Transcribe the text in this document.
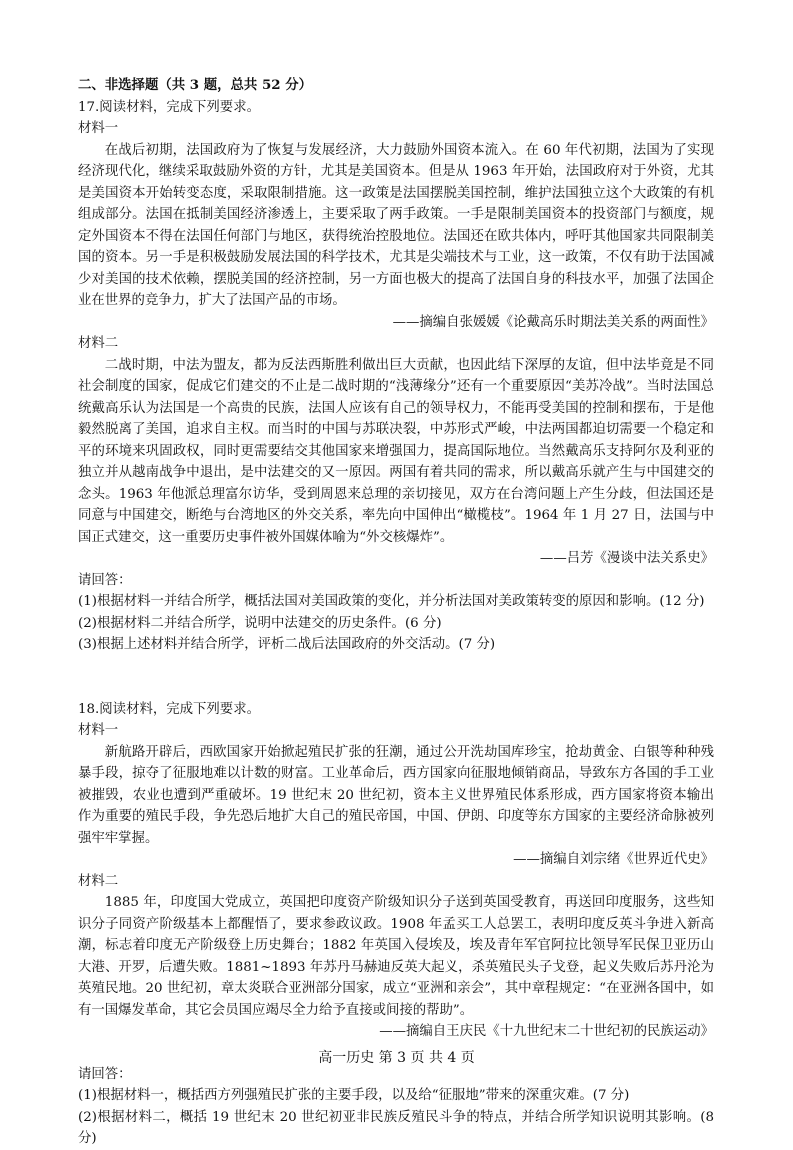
二、非选择题（共 3 题，总共 52 分）

17.阅读材料，完成下列要求。

材料一

在战后初期，法国政府为了恢复与发展经济，大力鼓励外国资本流入。在 60 年代初期，法国为了实现经济现代化，继续采取鼓励外资的方针，尤其是美国资本。但是从 1963 年开始，法国政府对于外资，尤其是美国资本开始转变态度，采取限制措施。这一政策是法国摆脱美国控制，维护法国独立这个大政策的有机组成部分。法国在抵制美国经济渗透上，主要采取了两手政策。一手是限制美国资本的投资部门与额度，规定外国资本不得在法国任何部门与地区，获得统治控股地位。法国还在欧共体内，呼吁其他国家共同限制美国的资本。另一手是积极鼓励发展法国的科学技术，尤其是尖端技术与工业，这一政策，不仅有助于法国减少对美国的技术依赖，摆脱美国的经济控制，另一方面也极大的提高了法国自身的科技水平，加强了法国企业在世界的竞争力，扩大了法国产品的市场。

——摘编自张媛媛《论戴高乐时期法美关系的两面性》

材料二

二战时期，中法为盟友，都为反法西斯胜利做出巨大贡献，也因此结下深厚的友谊，但中法毕竟是不同社会制度的国家，促成它们建交的不止是二战时期的“浅薄缘分”还有一个重要原因“美苏冷战”。当时法国总统戴高乐认为法国是一个高贵的民族，法国人应该有自己的领导权力，不能再受美国的控制和摆布，于是他毅然脱离了美国，追求自主权。而当时的中国与苏联决裂，中苏形式严峻，中法两国都迫切需要一个稳定和平的环境来巩固政权，同时更需要结交其他国家来增强国力，提高国际地位。当然戴高乐支持阿尔及利亚的独立并从越南战争中退出，是中法建交的又一原因。两国有着共同的需求，所以戴高乐就产生与中国建交的念头。1963 年他派总理富尔访华，受到周恩来总理的亲切接见，双方在台湾问题上产生分歧，但法国还是同意与中国建交，断绝与台湾地区的外交关系，率先向中国伸出“橄榄枝”。1964 年 1 月 27 日，法国与中国正式建交，这一重要历史事件被外国媒体喻为“外交核爆炸”。

——吕芳《漫谈中法关系史》

请回答：

(1)根据材料一并结合所学，概括法国对美国政策的变化，并分析法国对美政策转变的原因和影响。(12 分)

(2)根据材料二并结合所学，说明中法建交的历史条件。(6 分)

(3)根据上述材料并结合所学，评析二战后法国政府的外交活动。(7 分)

18.阅读材料，完成下列要求。

材料一

新航路开辟后，西欧国家开始掀起殖民扩张的狂潮，通过公开洗劫国库珍宝，抢劫黄金、白银等种种残暴手段，掠夺了征服地难以计数的财富。工业革命后，西方国家向征服地倾销商品，导致东方各国的手工业被摧毁，农业也遭到严重破坏。19 世纪末 20 世纪初，资本主义世界殖民体系形成，西方国家将资本输出作为重要的殖民手段，争先恐后地扩大自己的殖民帝国，中国、伊朗、印度等东方国家的主要经济命脉被列强牢牢掌握。

——摘编自刘宗绪《世界近代史》

材料二

1885 年，印度国大党成立，英国把印度资产阶级知识分子送到英国受教育，再送回印度服务，这些知识分子同资产阶级基本上都醒悟了，要求参政议政。1908 年孟买工人总罢工，表明印度反英斗争进入新高潮，标志着印度无产阶级登上历史舞台；1882 年英国入侵埃及，埃及青年军官阿拉比领导军民保卫亚历山大港、开罗，后遭失败。1881~1893 年苏丹马赫迪反英大起义，杀英殖民头子戈登，起义失败后苏丹沦为英殖民地。20 世纪初，章太炎联合亚洲部分国家，成立“亚洲和亲会”，其中章程规定：“在亚洲各国中，如有一国爆发革命，其它会员国应竭尽全力给予直接或间接的帮助”。

——摘编自王庆民《十九世纪末二十世纪初的民族运动》

请回答：

(1)根据材料一，概括西方列强殖民扩张的主要手段，以及给“征服地”带来的深重灾难。(7 分)

(2)根据材料二，概括 19 世纪末 20 世纪初亚非民族反殖民斗争的特点，并结合所学知识说明其影响。(8 分)

高一历史 第 3 页 共 4 页
